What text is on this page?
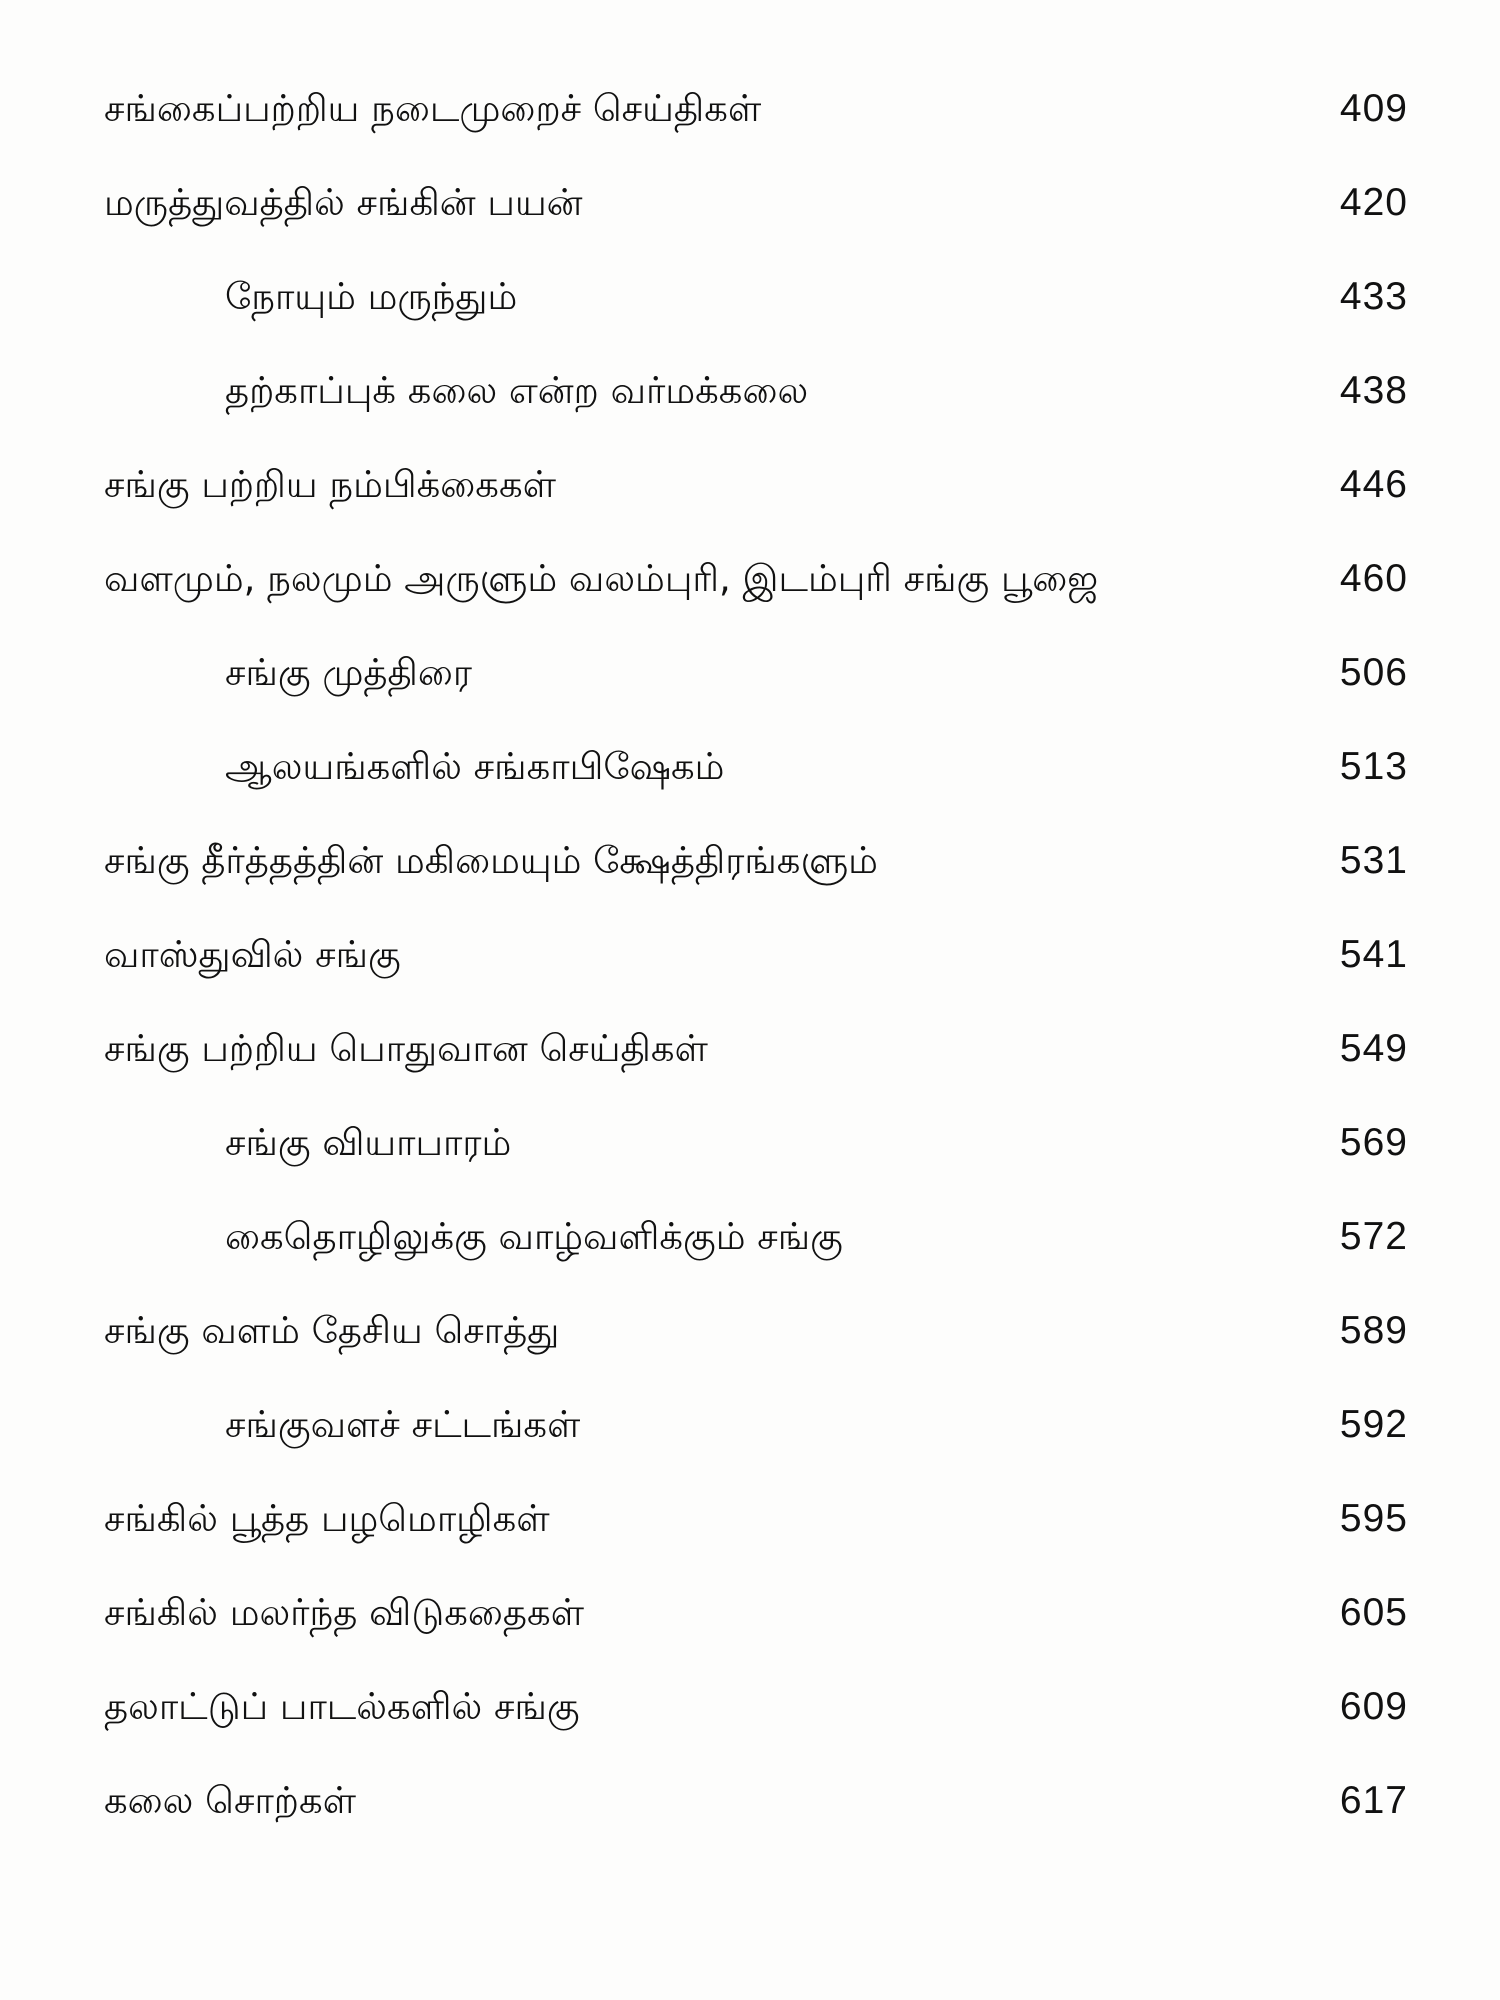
சங்கைப்பற்றிய நடைமுறைச் செய்திகள்	409
மருத்துவத்தில் சங்கின் பயன்	420
நோயும் மருந்தும்	433
தற்காப்புக் கலை என்ற வர்மக்கலை	438
சங்கு பற்றிய நம்பிக்கைகள்	446
வளமும், நலமும் அருளும் வலம்புரி, இடம்புரி சங்கு பூஜை	460
சங்கு முத்திரை	506
ஆலயங்களில் சங்காபிஷேகம்	513
சங்கு தீர்த்தத்தின் மகிமையும் க்ஷேத்திரங்களும்	531
வாஸ்துவில் சங்கு	541
சங்கு பற்றிய பொதுவான செய்திகள்	549
சங்கு வியாபாரம்	569
கைதொழிலுக்கு வாழ்வளிக்கும் சங்கு	572
சங்கு வளம் தேசிய சொத்து	589
சங்குவளச் சட்டங்கள்	592
சங்கில் பூத்த பழமொழிகள்	595
சங்கில் மலர்ந்த விடுகதைகள்	605
தலாட்டுப் பாடல்களில் சங்கு	609
கலை சொற்கள்	617
